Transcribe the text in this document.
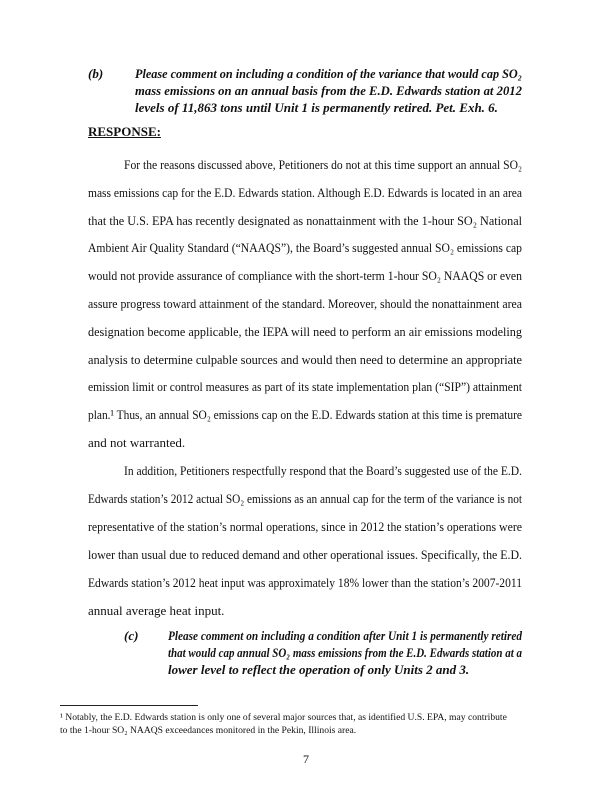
(b) Please comment on including a condition of the variance that would cap SO₂
mass emissions on an annual basis from the E.D. Edwards station at 2012
levels of 11,863 tons until Unit 1 is permanently retired. Pet. Exh. 6.
RESPONSE:
For the reasons discussed above, Petitioners do not at this time support an annual SO₂
mass emissions cap for the E.D. Edwards station. Although E.D. Edwards is located in an area
that the U.S. EPA has recently designated as nonattainment with the 1-hour SO₂ National
Ambient Air Quality Standard (“NAAQS”), the Board’s suggested annual SO₂ emissions cap
would not provide assurance of compliance with the short-term 1-hour SO₂ NAAQS or even
assure progress toward attainment of the standard. Moreover, should the nonattainment area
designation become applicable, the IEPA will need to perform an air emissions modeling
analysis to determine culpable sources and would then need to determine an appropriate
emission limit or control measures as part of its state implementation plan (“SIP”) attainment
plan.¹ Thus, an annual SO₂ emissions cap on the E.D. Edwards station at this time is premature
and not warranted.
In addition, Petitioners respectfully respond that the Board’s suggested use of the E.D.
Edwards station’s 2012 actual SO₂ emissions as an annual cap for the term of the variance is not
representative of the station’s normal operations, since in 2012 the station’s operations were
lower than usual due to reduced demand and other operational issues. Specifically, the E.D.
Edwards station’s 2012 heat input was approximately 18% lower than the station’s 2007-2011
annual average heat input.
(c) Please comment on including a condition after Unit 1 is permanently retired
that would cap annual SO₂ mass emissions from the E.D. Edwards station at a
lower level to reflect the operation of only Units 2 and 3.
¹ Notably, the E.D. Edwards station is only one of several major sources that, as identified U.S. EPA, may contribute
to the 1-hour SO₂ NAAQS exceedances monitored in the Pekin, Illinois area.
7
